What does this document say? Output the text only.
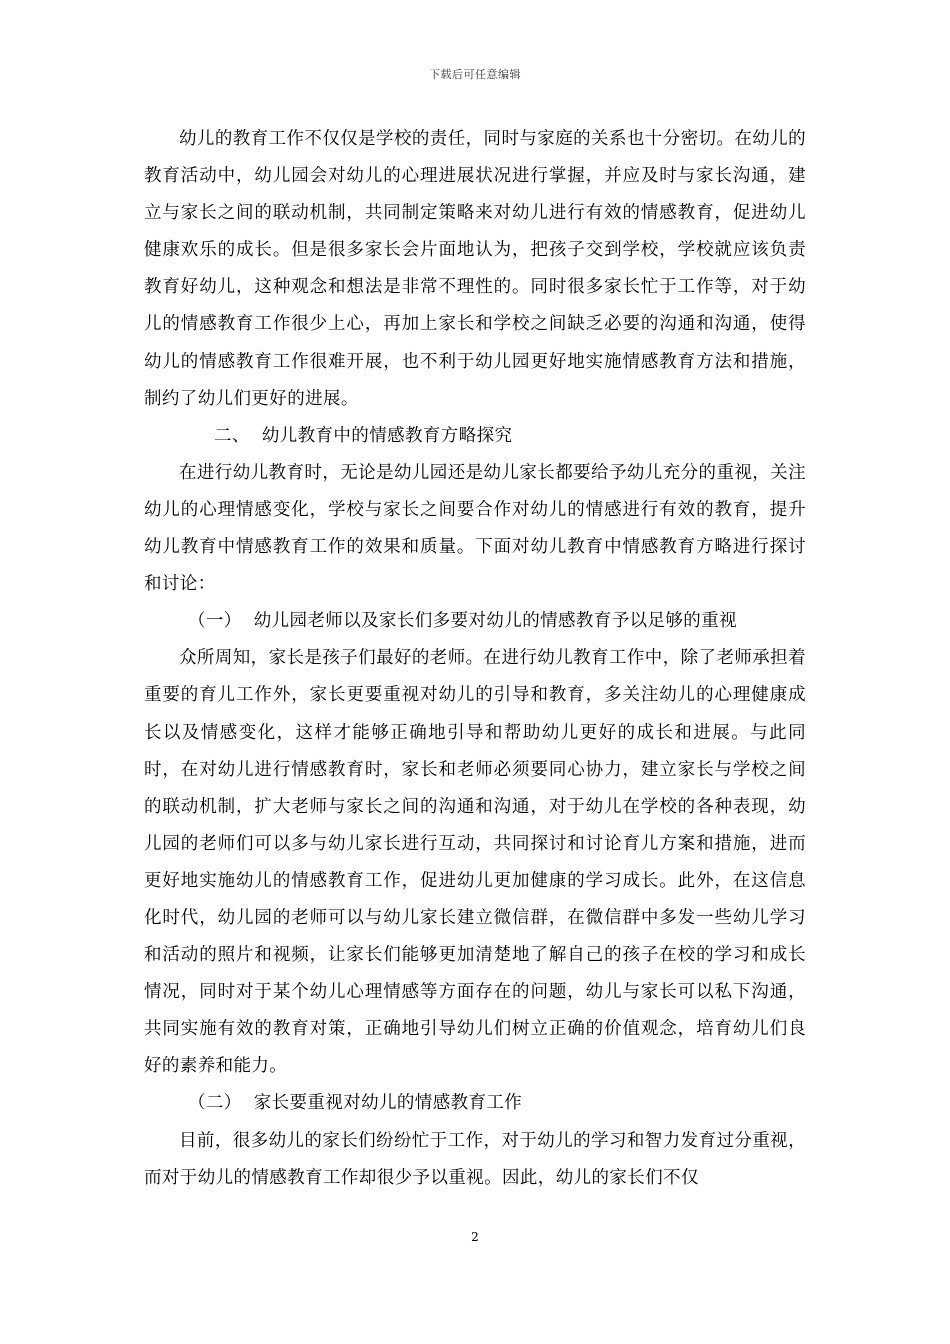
下载后可任意编辑

幼儿的教育工作不仅仅是学校的责任，同时与家庭的关系也十分密切。在幼儿的教育活动中，幼儿园会对幼儿的心理进展状况进行掌握，并应及时与家长沟通，建立与家长之间的联动机制，共同制定策略来对幼儿进行有效的情感教育，促进幼儿健康欢乐的成长。但是很多家长会片面地认为，把孩子交到学校，学校就应该负责教育好幼儿，这种观念和想法是非常不理性的。同时很多家长忙于工作等，对于幼儿的情感教育工作很少上心，再加上家长和学校之间缺乏必要的沟通和沟通，使得幼儿的情感教育工作很难开展，也不利于幼儿园更好地实施情感教育方法和措施，制约了幼儿们更好的进展。

二、 幼儿教育中的情感教育方略探究

在进行幼儿教育时，无论是幼儿园还是幼儿家长都要给予幼儿充分的重视，关注幼儿的心理情感变化，学校与家长之间要合作对幼儿的情感进行有效的教育，提升幼儿教育中情感教育工作的效果和质量。下面对幼儿教育中情感教育方略进行探讨和讨论：

（一） 幼儿园老师以及家长们多要对幼儿的情感教育予以足够的重视

众所周知，家长是孩子们最好的老师。在进行幼儿教育工作中，除了老师承担着重要的育儿工作外，家长更要重视对幼儿的引导和教育，多关注幼儿的心理健康成长以及情感变化，这样才能够正确地引导和帮助幼儿更好的成长和进展。与此同时，在对幼儿进行情感教育时，家长和老师必须要同心协力，建立家长与学校之间的联动机制，扩大老师与家长之间的沟通和沟通，对于幼儿在学校的各种表现，幼儿园的老师们可以多与幼儿家长进行互动，共同探讨和讨论育儿方案和措施，进而更好地实施幼儿的情感教育工作，促进幼儿更加健康的学习成长。此外，在这信息化时代，幼儿园的老师可以与幼儿家长建立微信群，在微信群中多发一些幼儿学习和活动的照片和视频，让家长们能够更加清楚地了解自己的孩子在校的学习和成长情况，同时对于某个幼儿心理情感等方面存在的问题，幼儿与家长可以私下沟通，共同实施有效的教育对策，正确地引导幼儿们树立正确的价值观念，培育幼儿们良好的素养和能力。

（二） 家长要重视对幼儿的情感教育工作

目前，很多幼儿的家长们纷纷忙于工作，对于幼儿的学习和智力发育过分重视，而对于幼儿的情感教育工作却很少予以重视。因此，幼儿的家长们不仅

2
